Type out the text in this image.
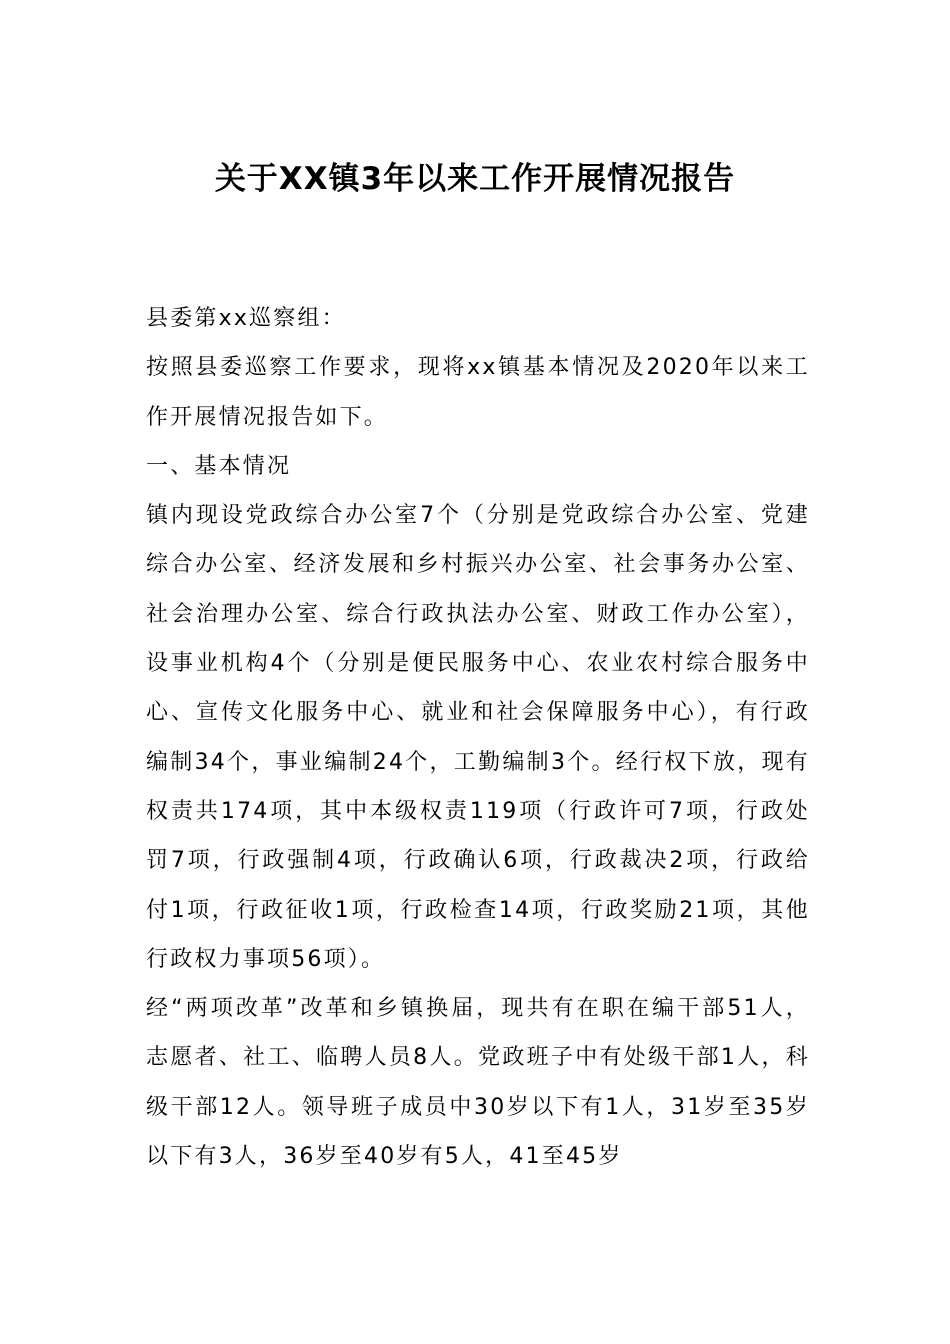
关于XX镇3年以来工作开展情况报告

县委第xx巡察组：

按照县委巡察工作要求，现将xx镇基本情况及2020年以来工作开展情况报告如下。

一、基本情况

镇内现设党政综合办公室7个（分别是党政综合办公室、党建综合办公室、经济发展和乡村振兴办公室、社会事务办公室、社会治理办公室、综合行政执法办公室、财政工作办公室），设事业机构4个（分别是便民服务中心、农业农村综合服务中心、宣传文化服务中心、就业和社会保障服务中心），有行政编制34个，事业编制24个，工勤编制3个。经行权下放，现有权责共174项，其中本级权责119项（行政许可7项，行政处罚7项，行政强制4项，行政确认6项，行政裁决2项，行政给付1项，行政征收1项，行政检查14项，行政奖励21项，其他行政权力事项56项）。

经“两项改革”改革和乡镇换届，现共有在职在编干部51人，志愿者、社工、临聘人员8人。党政班子中有处级干部1人，科级干部12人。领导班子成员中30岁以下有1人，31岁至35岁以下有3人，36岁至40岁有5人，41至45岁
